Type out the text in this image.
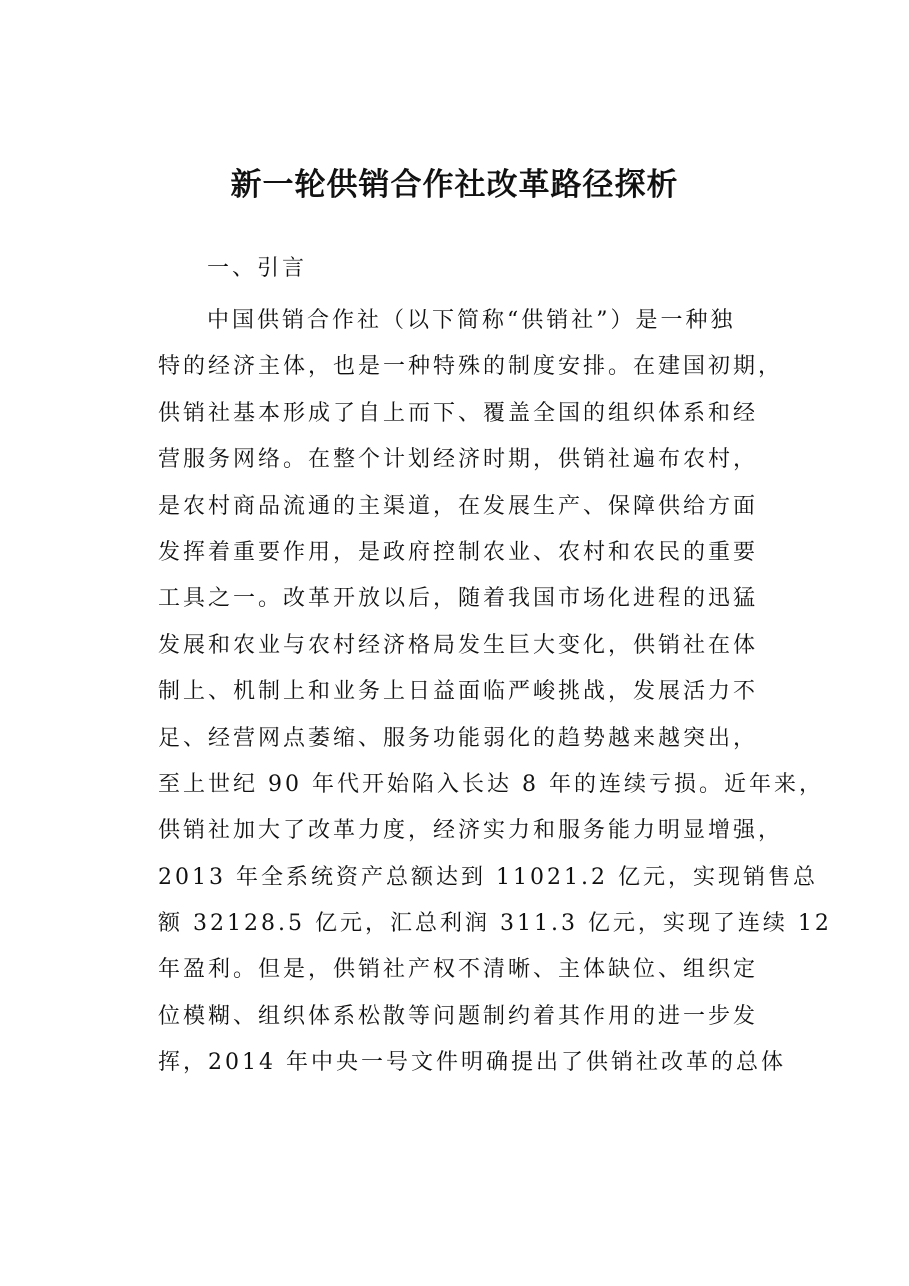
新一轮供销合作社改革路径探析
一、引言
中国供销合作社（以下简称“供销社”）是一种独
特的经济主体，也是一种特殊的制度安排。在建国初期，
供销社基本形成了自上而下、覆盖全国的组织体系和经
营服务网络。在整个计划经济时期，供销社遍布农村，
是农村商品流通的主渠道，在发展生产、保障供给方面
发挥着重要作用，是政府控制农业、农村和农民的重要
工具之一。改革开放以后，随着我国市场化进程的迅猛
发展和农业与农村经济格局发生巨大变化，供销社在体
制上、机制上和业务上日益面临严峻挑战，发展活力不
足、经营网点萎缩、服务功能弱化的趋势越来越突出，
至上世纪 90 年代开始陷入长达 8 年的连续亏损。近年来，
供销社加大了改革力度，经济实力和服务能力明显增强，
2013 年全系统资产总额达到 11021.2 亿元，实现销售总
额 32128.5 亿元，汇总利润 311.3 亿元，实现了连续 12
年盈利。但是，供销社产权不清晰、主体缺位、组织定
位模糊、组织体系松散等问题制约着其作用的进一步发
挥，2014 年中央一号文件明确提出了供销社改革的总体
